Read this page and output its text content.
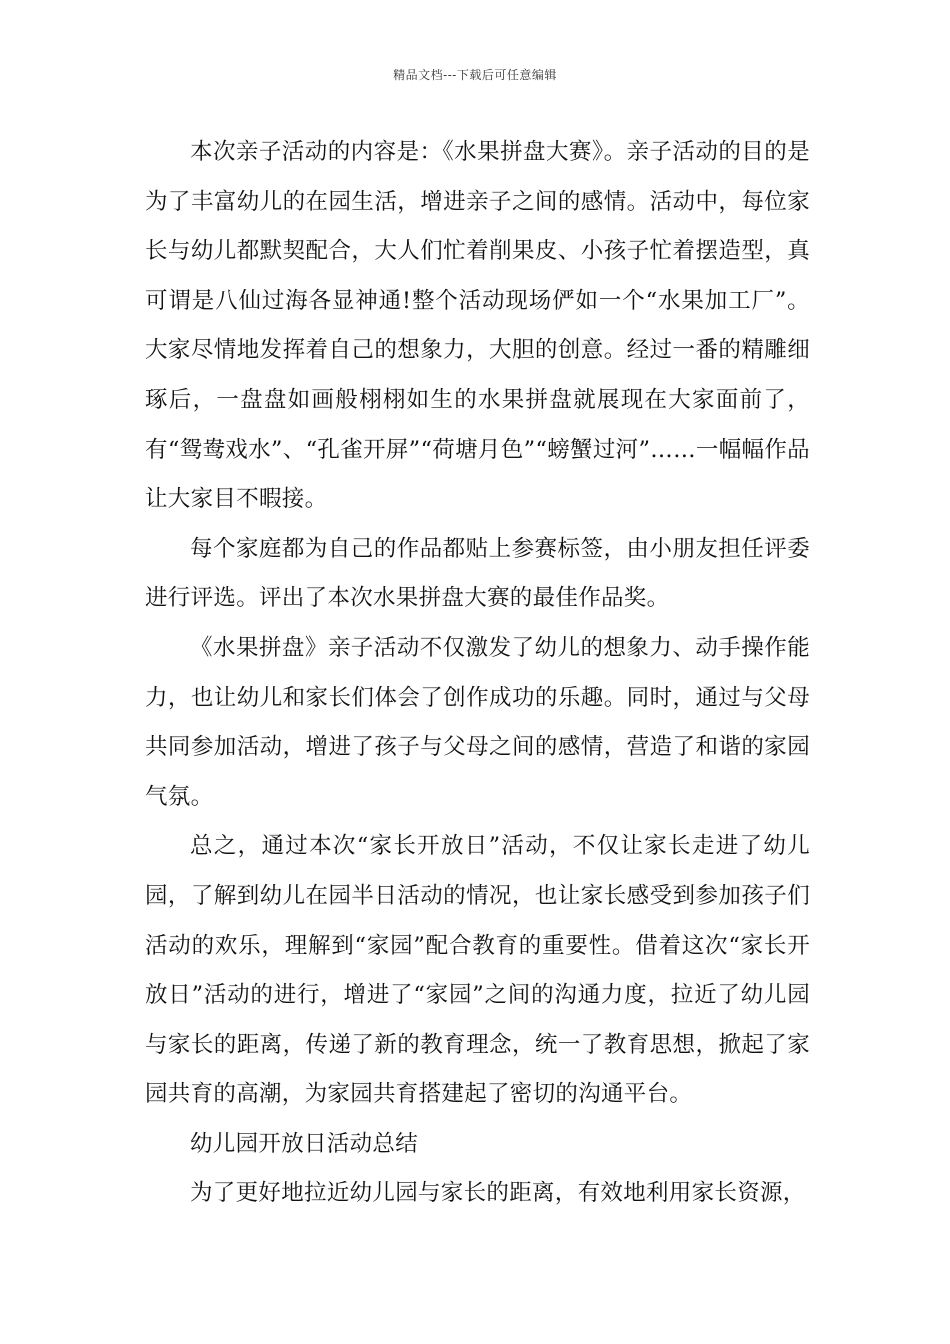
精品文档---下载后可任意编辑

本次亲子活动的内容是：《水果拼盘大赛》。亲子活动的目的是为了丰富幼儿的在园生活，增进亲子之间的感情。活动中，每位家长与幼儿都默契配合，大人们忙着削果皮、小孩子忙着摆造型，真可谓是八仙过海各显神通!整个活动现场俨如一个“水果加工厂”。大家尽情地发挥着自己的想象力，大胆的创意。经过一番的精雕细琢后，一盘盘如画般栩栩如生的水果拼盘就展现在大家面前了，有“鸳鸯戏水”、“孔雀开屏”“荷塘月色”“螃蟹过河”……一幅幅作品让大家目不暇接。

每个家庭都为自己的作品都贴上参赛标签，由小朋友担任评委进行评选。评出了本次水果拼盘大赛的最佳作品奖。

《水果拼盘》亲子活动不仅激发了幼儿的想象力、动手操作能力，也让幼儿和家长们体会了创作成功的乐趣。同时，通过与父母共同参加活动，增进了孩子与父母之间的感情，营造了和谐的家园气氛。

总之，通过本次“家长开放日”活动，不仅让家长走进了幼儿园，了解到幼儿在园半日活动的情况，也让家长感受到参加孩子们活动的欢乐，理解到“家园”配合教育的重要性。借着这次“家长开放日”活动的进行，增进了“家园”之间的沟通力度，拉近了幼儿园与家长的距离，传递了新的教育理念，统一了教育思想，掀起了家园共育的高潮，为家园共育搭建起了密切的沟通平台。

幼儿园开放日活动总结

为了更好地拉近幼儿园与家长的距离，有效地利用家长资源，
